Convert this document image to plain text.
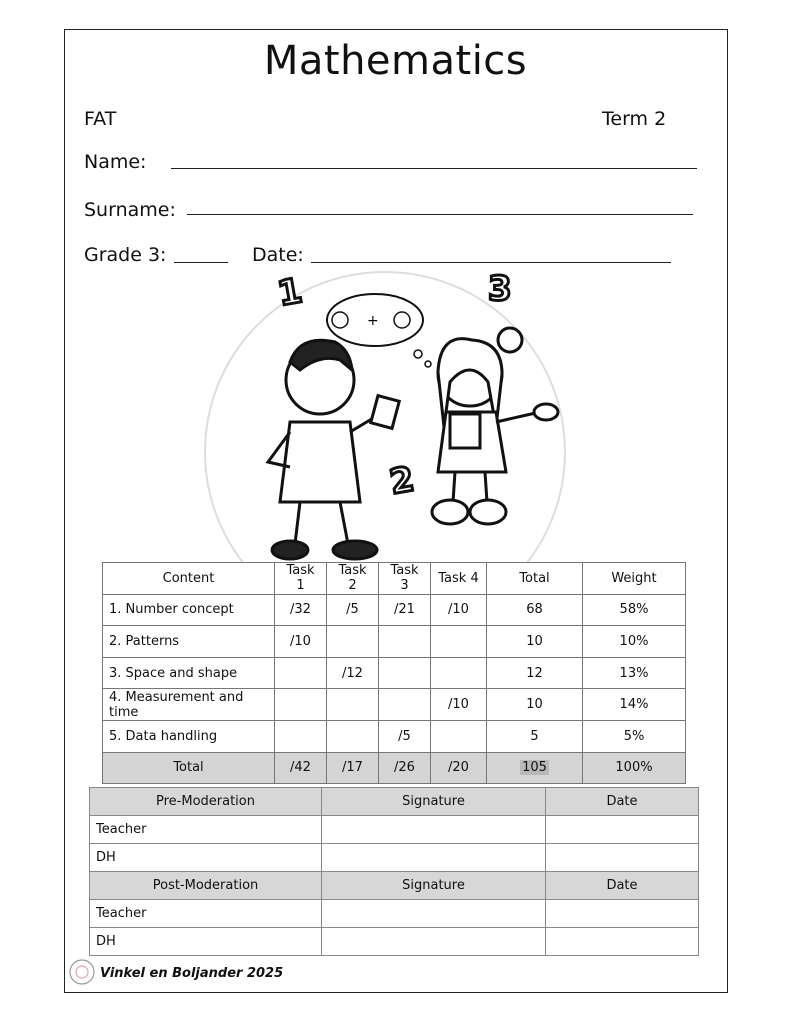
Mathematics
FAT	Term 2
Name:
Surname:
Grade 3:	Date:
1	3
2
+
Content	Task 1	Task 2	Task 3	Task 4	Total	Weight
1. Number concept	/32	/5	/21	/10	68	58%
2. Patterns	/10				10	10%
3. Space and shape		/12			12	13%
4. Measurement and time				/10	10	14%
5. Data handling			/5		5	5%
Total	/42	/17	/26	/20	105	100%
Pre-Moderation	Signature	Date
Teacher		
DH		
Post-Moderation	Signature	Date
Teacher		
DH		
Vinkel en Boljander 2025
